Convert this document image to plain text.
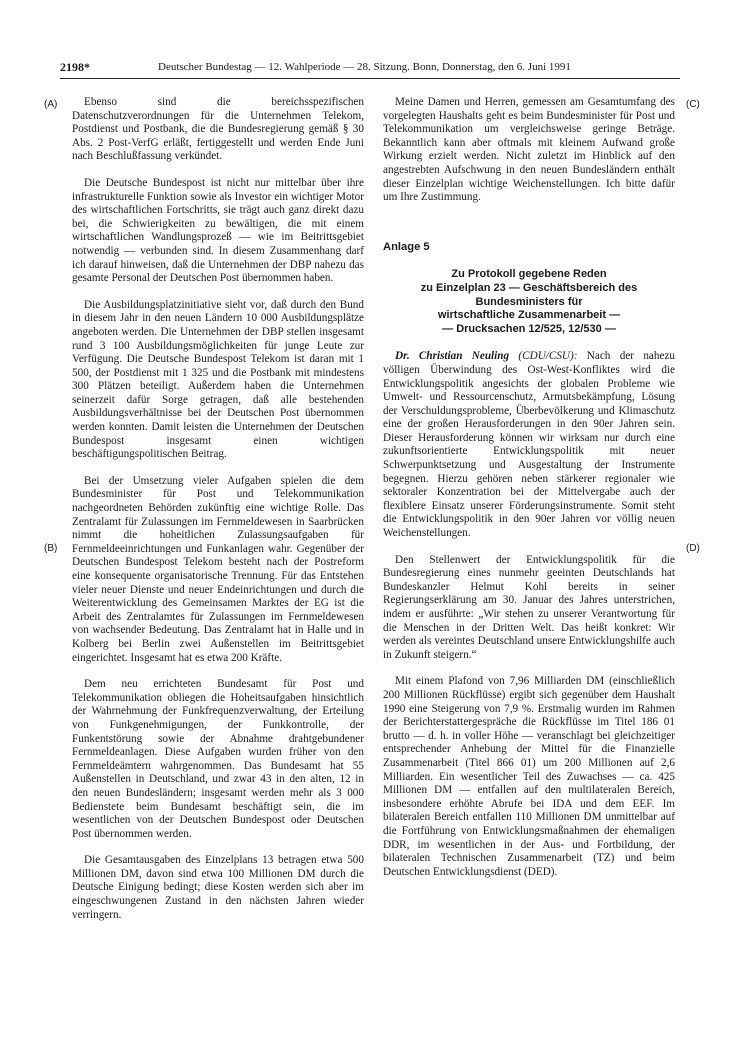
2198*	Deutscher Bundestag — 12. Wahlperiode — 28. Sitzung. Bonn, Donnerstag, den 6. Juni 1991
(A)
(B)
(C)
(D)

Ebenso sind die bereichsspezifischen Datenschutzverordnungen für die Unternehmen Telekom, Postdienst und Postbank, die die Bundesregierung gemäß § 30 Abs. 2 Post-VerfG erläßt, fertiggestellt und werden Ende Juni nach Beschlußfassung verkündet.

Die Deutsche Bundespost ist nicht nur mittelbar über ihre infrastrukturelle Funktion sowie als Investor ein wichtiger Motor des wirtschaftlichen Fortschritts, sie trägt auch ganz direkt dazu bei, die Schwierigkeiten zu bewältigen, die mit einem wirtschaftlichen Wandlungsprozeß — wie im Beitrittsgebiet notwendig — verbunden sind. In diesem Zusammenhang darf ich darauf hinweisen, daß die Unternehmen der DBP nahezu das gesamte Personal der Deutschen Post übernommen haben.

Die Ausbildungsplatzinitiative sieht vor, daß durch den Bund in diesem Jahr in den neuen Ländern 10 000 Ausbildungsplätze angeboten werden. Die Unternehmen der DBP stellen insgesamt rund 3 100 Ausbildungsmöglichkeiten für junge Leute zur Verfügung. Die Deutsche Bundespost Telekom ist daran mit 1 500, der Postdienst mit 1 325 und die Postbank mit mindestens 300 Plätzen beteiligt. Außerdem haben die Unternehmen seinerzeit dafür Sorge getragen, daß alle bestehenden Ausbildungsverhältnisse bei der Deutschen Post übernommen werden konnten. Damit leisten die Unternehmen der Deutschen Bundespost insgesamt einen wichtigen beschäftigungspolitischen Beitrag.

Bei der Umsetzung vieler Aufgaben spielen die dem Bundesminister für Post und Telekommunikation nachgeordneten Behörden zukünftig eine wichtige Rolle. Das Zentralamt für Zulassungen im Fernmeldewesen in Saarbrücken nimmt die hoheitlichen Zulassungsaufgaben für Fernmeldeeinrichtungen und Funkanlagen wahr. Gegenüber der Deutschen Bundespost Telekom besteht nach der Postreform eine konsequente organisatorische Trennung. Für das Entstehen vieler neuer Dienste und neuer Endeinrichtungen und durch die Weiterentwicklung des Gemeinsamen Marktes der EG ist die Arbeit des Zentralamtes für Zulassungen im Fernmeldewesen von wachsender Bedeutung. Das Zentralamt hat in Halle und in Kolberg bei Berlin zwei Außenstellen im Beitrittsgebiet eingerichtet. Insgesamt hat es etwa 200 Kräfte.

Dem neu errichteten Bundesamt für Post und Telekommunikation obliegen die Hoheitsaufgaben hinsichtlich der Wahrnehmung der Funkfrequenzverwaltung, der Erteilung von Funkgenehmigungen, der Funkkontrolle, der Funkentstörung sowie der Abnahme drahtgebundener Fernmeldeanlagen. Diese Aufgaben wurden früher von den Fernmeldeämtern wahrgenommen. Das Bundesamt hat 55 Außenstellen in Deutschland, und zwar 43 in den alten, 12 in den neuen Bundesländern; insgesamt werden mehr als 3 000 Bedienstete beim Bundesamt beschäftigt sein, die im wesentlichen von der Deutschen Bundespost oder Deutschen Post übernommen werden.

Die Gesamtausgaben des Einzelplans 13 betragen etwa 500 Millionen DM, davon sind etwa 100 Millionen DM durch die Deutsche Einigung bedingt; diese Kosten werden sich aber im eingeschwungenen Zustand in den nächsten Jahren wieder verringern.

Meine Damen und Herren, gemessen am Gesamtumfang des vorgelegten Haushalts geht es beim Bundesminister für Post und Telekommunikation um vergleichsweise geringe Beträge. Bekanntlich kann aber oftmals mit kleinem Aufwand große Wirkung erzielt werden. Nicht zuletzt im Hinblick auf den angestrebten Aufschwung in den neuen Bundesländern enthält dieser Einzelplan wichtige Weichenstellungen. Ich bitte dafür um Ihre Zustimmung.

Anlage 5
Zu Protokoll gegebene Reden
zu Einzelplan 23 — Geschäftsbereich des
Bundesministers für
wirtschaftliche Zusammenarbeit —
— Drucksachen 12/525, 12/530 —

Dr. Christian Neuling (CDU/CSU): Nach der nahezu völligen Überwindung des Ost-West-Konfliktes wird die Entwicklungspolitik angesichts der globalen Probleme wie Umwelt- und Ressourcenschutz, Armutsbekämpfung, Lösung der Verschuldungsprobleme, Überbevölkerung und Klimaschutz eine der großen Herausforderungen in den 90er Jahren sein. Dieser Herausforderung können wir wirksam nur durch eine zukunftsorientierte Entwicklungspolitik mit neuer Schwerpunktsetzung und Ausgestaltung der Instrumente begegnen. Hierzu gehören neben stärkerer regionaler wie sektoraler Konzentration bei der Mittelvergabe auch der flexiblere Einsatz unserer Förderungsinstrumente. Somit steht die Entwicklungspolitik in den 90er Jahren vor völlig neuen Weichenstellungen.

Den Stellenwert der Entwicklungspolitik für die Bundesregierung eines nunmehr geeinten Deutschlands hat Bundeskanzler Helmut Kohl bereits in seiner Regierungserklärung am 30. Januar des Jahres unterstrichen, indem er ausführte: „Wir stehen zu unserer Verantwortung für die Menschen in der Dritten Welt. Das heißt konkret: Wir werden als vereintes Deutschland unsere Entwicklungshilfe auch in Zukunft steigern.“

Mit einem Plafond von 7,96 Milliarden DM (einschließlich 200 Millionen Rückflüsse) ergibt sich gegenüber dem Haushalt 1990 eine Steigerung von 7,9 %. Erstmalig wurden im Rahmen der Berichterstattergespräche die Rückflüsse im Titel 186 01 brutto — d. h. in voller Höhe — veranschlagt bei gleichzeitiger entsprechender Anhebung der Mittel für die Finanzielle Zusammenarbeit (Titel 866 01) um 200 Millionen auf 2,6 Milliarden. Ein wesentlicher Teil des Zuwachses — ca. 425 Millionen DM — entfallen auf den multilateralen Bereich, insbesondere erhöhte Abrufe bei IDA und dem EEF. Im bilateralen Bereich entfallen 110 Millionen DM unmittelbar auf die Fortführung von Entwicklungsmaßnahmen der ehemaligen DDR, im wesentlichen in der Aus- und Fortbildung, der bilateralen Technischen Zusammenarbeit (TZ) und beim Deutschen Entwicklungsdienst (DED).
